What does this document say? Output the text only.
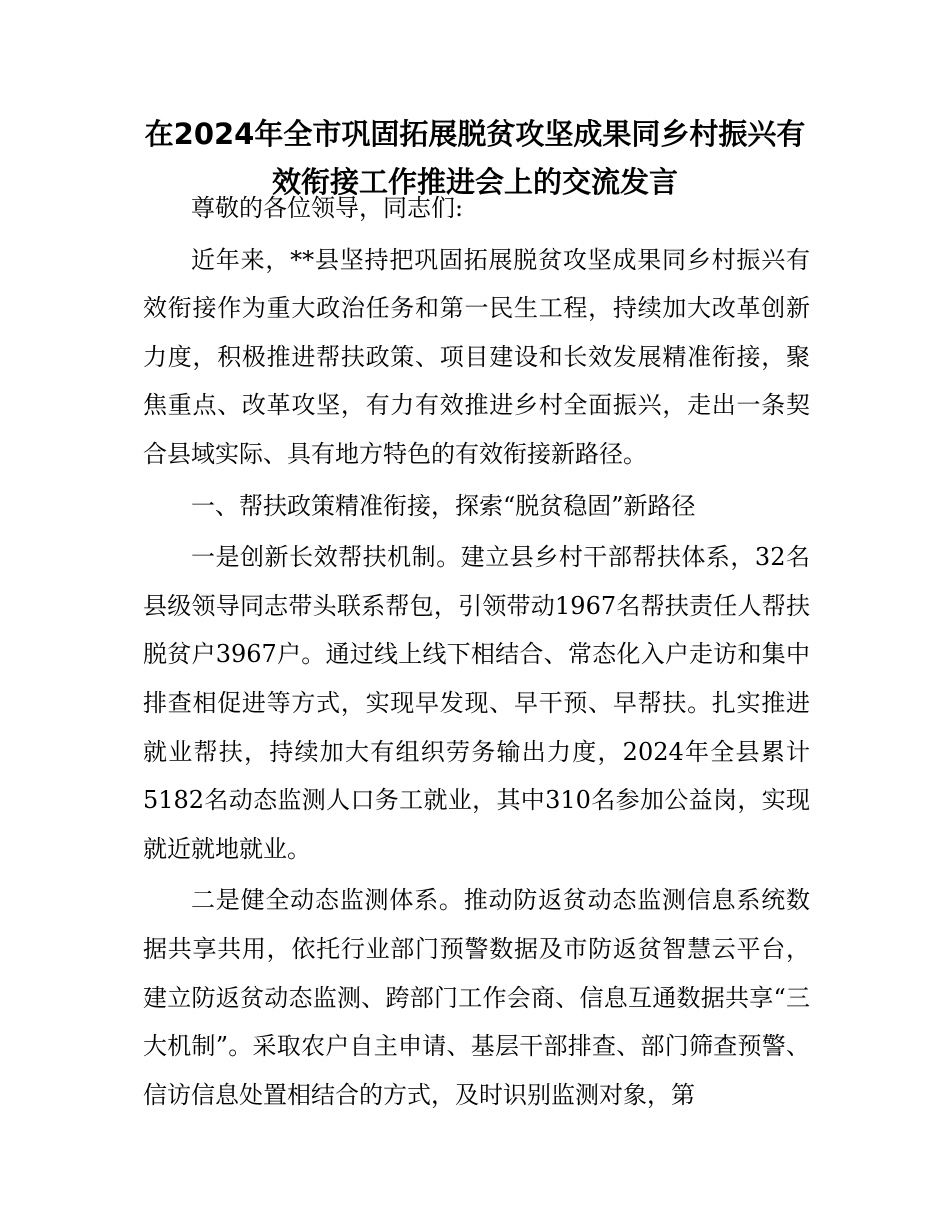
在2024年全市巩固拓展脱贫攻坚成果同乡村振兴有效衔接工作推进会上的交流发言

尊敬的各位领导，同志们:

近年来，**县坚持把巩固拓展脱贫攻坚成果同乡村振兴有效衔接作为重大政治任务和第一民生工程，持续加大改革创新力度，积极推进帮扶政策、项目建设和长效发展精准衔接，聚焦重点、改革攻坚，有力有效推进乡村全面振兴，走出一条契合县域实际、具有地方特色的有效衔接新路径。

一、帮扶政策精准衔接，探索“脱贫稳固”新路径

一是创新长效帮扶机制。建立县乡村干部帮扶体系，32名县级领导同志带头联系帮包，引领带动1967名帮扶责任人帮扶脱贫户3967户。通过线上线下相结合、常态化入户走访和集中排查相促进等方式，实现早发现、早干预、早帮扶。扎实推进就业帮扶，持续加大有组织劳务输出力度，2024年全县累计5182名动态监测人口务工就业，其中310名参加公益岗，实现就近就地就业。

二是健全动态监测体系。推动防返贫动态监测信息系统数据共享共用，依托行业部门预警数据及市防返贫智慧云平台，建立防返贫动态监测、跨部门工作会商、信息互通数据共享“三大机制”。采取农户自主申请、基层干部排查、部门筛查预警、信访信息处置相结合的方式，及时识别监测对象，第
